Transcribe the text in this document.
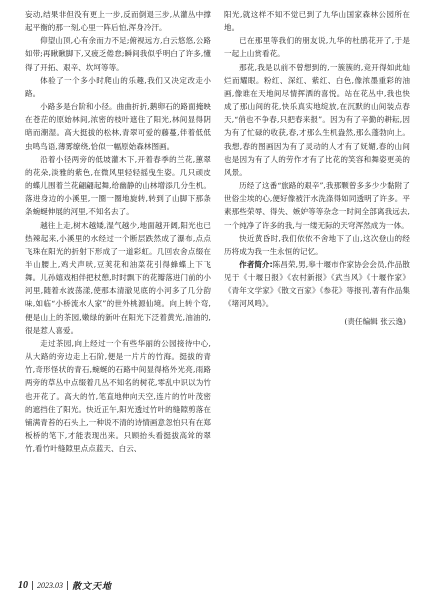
妄动,结果非但没有更上一步,反而倒退三步,从灌丛中撑起平衡的那一刻,心里一阵后怕,浑身冷汗。

仰望山顶,心有余而力不足;俯视远方,白云悠悠,公路如带;再瞅瞅脚下,又疲乏倦怠;瞬间我似乎明白了许多,懂得了开拓、艰辛、坎坷等等。

体验了一个多小时爬山的乐趣,我们又决定改走小路。

小路多是台阶和小径。曲曲折折,鹅卵石的路面掩映在苍茫的原始林间,浓密的枝叶遮住了阳光,林间显得阴暗而潮湿。高大挺拔的松林,青翠可爱的藤蔓,伴着低低虫鸣鸟语,薄雾缭绕,恰似一幅原始森林图画。

沿着小径两旁的低坡灌木下,开着春季的兰花,蕙翠的花朵,淡雅的紫色,在微风里轻轻摇曳生姿。几只顽皮的蝶儿围着兰花翩翩起舞,给幽静的山林增添几分生机。落进身边的小溪里,一圈一圈地旋转,转到了山脚下那条条蜿蜒伸展的河里,不知名去了。

越往上走,树木越矮,湿气越少,地面越开阔,阳光也已热辣起来,小溪里的水经过一个断层跌然成了瀑布,点点飞珠在阳光的折射下形成了一道彩虹。几回农舍点缀在半山腰上,鸡犬声吠,豆荚花和油菜花引得蜂蝶上下飞舞。儿孙嬉戏相伴把杖憩,时时飘下的花瓣落进门前的小河里,随着水波荡漾,使那本清澈见底的小河多了几分韵味,如临“小桥流水人家”的世外桃源仙境。向上转个弯,便是山上的茶园,嫩绿的新叶在阳光下泛着黄光,油油的,很是惹人喜爱。

走过茶园,向上经过一个有些华丽的公园接待中心,从大路的旁边走上石阶,便是一片片的竹海。挺拔的青竹,奇形怪状的青石,蜿蜒的石路中间显得格外光亮,雨路两旁的草丛中点缀着几丛不知名的树花,零乱中识以为竹也开花了。高大的竹,笔直地伸向天空,连片的竹叶茂密的遮挡住了阳光。快近正午,阳光透过竹叶的缝隙剪落在铺满青苔的石头上,一种说不清的诗情画意忽怕只有在郑板桥的笔下,才能表现出来。只顾抬头看挺拔高耸的翠竹,看竹叶缝隙里点点蓝天、白云、

阳光,就这样不知不觉已到了九华山国家森林公园所在地。

已在那里等我们的朋友说,九华的杜鹃花开了,于是一起上山赏看花。

那花,我是以前不曾想到的,一簇簇的,竞开得如此灿烂而耀眼。粉红、深红、紫红、白色,像浓墨重彩的油画,像谁在天地间尽情挥洒的喜悦。站在花丛中,我也快成了那山间的花,快乐真实地绽放,在沉默的山间装点春天,“俏也不争春,只把春来报”。因为有了辛勤的耕耘,因为有了忙碌的收获,春,才那么生机盎然,那么蓬勃向上。我想,春的图画因为有了灵动的人才有了妩媚,春的山间也是因为有了人的劳作才有了比花的笑容和舞姿更美的风景。

历经了这番“旅路的艰辛”,我那颗曾多多少少黏附了世俗尘埃的心,便好像被汗水洗涤得如同透明了许多。平素那些荣辱、得失、嫉妒等等杂念一时间全部离我远去,一个纯净了许多的我,与一缕无际的天穹浑然成为一体。

快近黄昏时,我们依依不舍地下了山,这次登山的经历将成为我一生永恒的记忆。

作者简介:陈昌荣,男,皋十堰市作家协会会员,作品散见于《十堰日报》《农村新报》《武当风》《十堰作家》《青年文学家》《散文百家》《参花》等报刊,著有作品集《堵河风鸣》。

(责任编辑 张云逸)

10 2023.03 散文天地
